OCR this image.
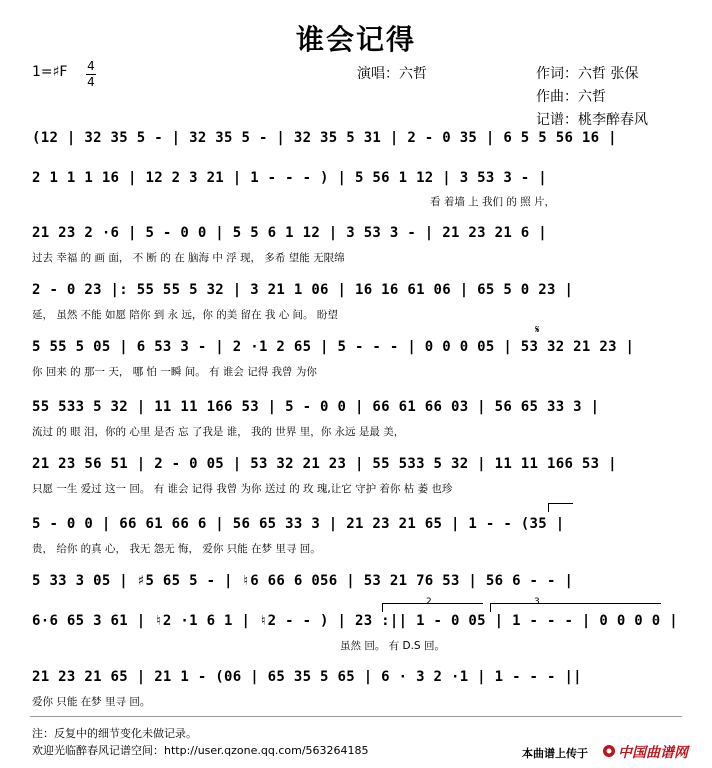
谁会记得
1=♯F 4
4	演唱：六哲	作词：六哲 张保
作曲：六哲
记谱：桃李醉春风
(12 | 32 35 5 - | 32 35 5 - | 32 35 5 31 | 2 - 0 35 | 6 5 5 56 16 |
2 1 1 1 16 | 12 2 3 21 | 1 - - - ) | 5 56 1 12 | 3 53 3 - |
看 着墙 上 我们 的 照 片，
21 23 2 ·6 | 5 - 0 0 | 5 5 6 1 12 | 3 53 3 - | 21 23 21 6 |
过去 幸福 的 画 面， 不 断 的 在 脑海 中 浮 现， 多希 望能 无限绵
2 - 0 23 |: 55 55 5 32 | 3 21 1 06 | 16 16 61 06 | 65 5 0 23 |
延， 虽然 不能 如愿 陪你 到 永 远，你 的美 留在 我 心 间。 盼望
5 55 5 05 | 6 53 3 - | 2 ·1 2 65 | 5 - - - | 0 0 0 05 | 53 32 21 23 |
你 回来 的 那一 天， 哪 怕 一瞬 间。 有 谁会 记得 我曾 为你
𝄋
55 533 5 32 | 11 11 166 53 | 5 - 0 0 | 66 61 66 03 | 56 65 33 3 |
流过 的 眼 泪，你的 心里 是否 忘 了我是 谁， 我的 世界 里，你 永远 是最 美，
21 23 56 51 | 2 - 0 05 | 53 32 21 23 | 55 533 5 32 | 11 11 166 53 |
只愿 一生 爱过 这一 回。 有 谁会 记得 我曾 为你 送过 的 玫 瑰,让它 守护 着你 枯 萎 也珍
5 - 0 0 | 66 61 66 6 | 56 65 33 3 | 21 23 21 65 | 1 - - (35 |
贵， 给你 的真 心， 我无 怨无 悔， 爱你 只能 在梦 里寻 回。
5 33 3 05 | ♯5 65 5 - | ♮6 66 6 056 | 53 21 76 53 | 56 6 - - |
2	3
6·6 65 3 61 | ♮2 ·1 6 1 | ♮2 - - ) | 23 :|| 1 - 0 05 | 1 - - - | 0 0 0 0 |
虽然 回。 有 D.S 回。
21 23 21 65 | 21 1 - (06 | 65 35 5 65 | 6 · 3 2 ·1 | 1 - - - ||
爱你 只能 在梦 里寻 回。
注：反复中的细节变化未做记录。
欢迎光临醉春风记谱空间：http://user.qzone.qq.com/563264185	本曲谱上传于 中国曲谱网
